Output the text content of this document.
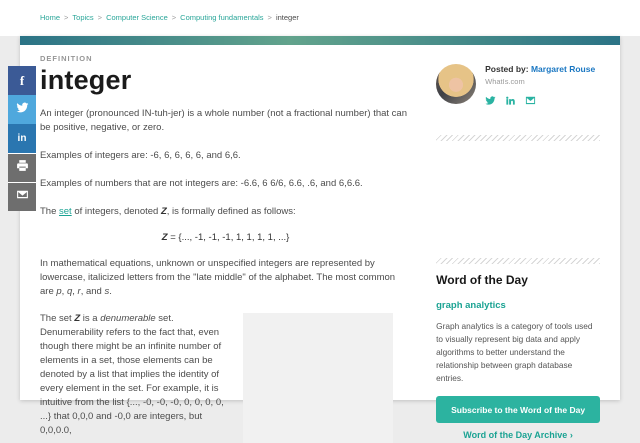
Home > Topics > Computer Science > Computing fundamentals > integer
DEFINITION
integer

An integer (pronounced IN-tuh-jer) is a whole number (not a fractional number) that can be positive, negative, or zero.

Examples of integers are: -6, 6, 6, 6, 6, and 6,6.

Examples of numbers that are not integers are: -6.6, 6 6/6, 6.6, .6, and 6,6.6.

The set of integers, denoted Z, is formally defined as follows:

Z = {..., -1, -1, -1, 1, 1, 1, 1, ...}

In mathematical equations, unknown or unspecified integers are represented by lowercase, italicized letters from the "late middle" of the alphabet. The most common are p, q, r, and s.

The set Z is a denumerable set. Denumerability refers to the fact that, even though there might be an infinite number of elements in a set, those elements can be denoted by a list that implies the identity of every element in the set. For example, it is intuitive from the list {..., -0, -0, -0, 0, 0, 0, 0, ...} that 0,0,0 and -0,0 are integers, but 0,0,0.0,

Posted by: Margaret Rouse
WhatIs.com
Word of the Day
graph analytics
Graph analytics is a category of tools used to visually represent big data and apply algorithms to better understand the relationship between graph database entries.
Subscribe to the Word of the Day
Word of the Day Archive ›
f
in
